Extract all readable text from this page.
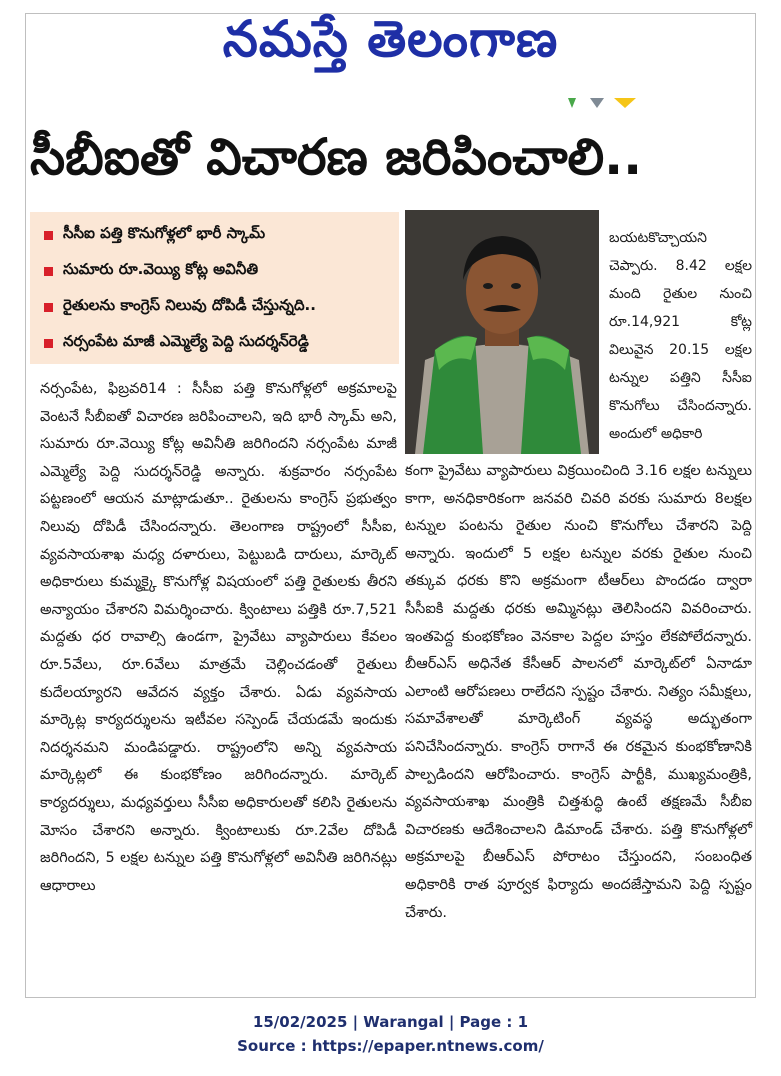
నమస్తే తెలంగాణ
సీబీఐతో విచారణ జరిపించాలి..
సీసీఐ పత్తి కొనుగోళ్లలో భారీ స్కామ్
సుమారు రూ.వెయ్యి కోట్ల అవినీతి
రైతులను కాంగ్రెస్ నిలువు దోపిడీ చేస్తున్నది..
నర్సంపేట మాజీ ఎమ్మెల్యే పెద్ది సుదర్శన్‌రెడ్డి

నర్సంపేట, ఫిబ్రవరి14 : సీసీఐ పత్తి కొనుగోళ్లలో అక్రమాలపై వెంటనే సీబీఐతో విచారణ జరిపించాలని, ఇది భారీ స్కామ్ అని, సుమారు రూ.వెయ్యి కోట్ల అవినీతి జరిగిందని నర్సంపేట మాజీ ఎమ్మెల్యే పెద్ది సుదర్శన్‌రెడ్డి అన్నారు. శుక్రవారం నర్సంపేట పట్టణంలో ఆయన మాట్లాడుతూ.. రైతులను కాంగ్రెస్ ప్రభుత్వం నిలువు దోపిడీ చేసిందన్నారు. తెలంగాణ రాష్ట్రంలో సీసీఐ, వ్యవసాయశాఖ మధ్య దళారులు, పెట్టుబడి దారులు, మార్కెట్ అధికారులు కుమ్మక్కై కొనుగోళ్ల విషయంలో పత్తి రైతులకు తీరని అన్యాయం చేశారని విమర్శించారు. క్వింటాలు పత్తికి రూ.7,521 మద్దతు ధర రావాల్సి ఉండగా, ప్రైవేటు వ్యాపారులు కేవలం రూ.5వేలు, రూ.6వేలు మాత్రమే చెల్లించడంతో రైతులు కుదేలయ్యారని ఆవేదన వ్యక్తం చేశారు. ఏడు వ్యవసాయ మార్కెట్ల కార్యదర్శులను ఇటీవల సస్పెండ్ చేయడమే ఇందుకు నిదర్శనమని మండిపడ్డారు. రాష్ట్రంలోని అన్ని వ్యవసాయ మార్కెట్లలో ఈ కుంభకోణం జరిగిందన్నారు. మార్కెట్ కార్యదర్శులు, మధ్యవర్తులు సీసీఐ అధికారులతో కలిసి రైతులను మోసం చేశారని అన్నారు. క్వింటాలుకు రూ.2వేల దోపిడీ జరిగిందని, 5 లక్షల టన్నుల పత్తి కొనుగోళ్లలో అవినీతి జరిగినట్లు ఆధారాలు

బయటకొచ్చాయని చెప్పారు. 8.42 లక్షల మంది రైతుల నుంచి రూ.14,921 కోట్ల విలువైన 20.15 లక్షల టన్నుల పత్తిని సీసీఐ కొనుగోలు చేసిందన్నారు. అందులో అధికారి

కంగా ప్రైవేటు వ్యాపారులు విక్రయించింది 3.16 లక్షల టన్నులు కాగా, అనధికారికంగా జనవరి చివరి వరకు సుమారు 8లక్షల టన్నుల పంటను రైతుల నుంచి కొనుగోలు చేశారని పెద్ది అన్నారు. ఇందులో 5 లక్షల టన్నుల వరకు రైతుల నుంచి తక్కువ ధరకు కొని అక్రమంగా టీఆర్‌లు పొందడం ద్వారా సీసీఐకి మద్దతు ధరకు అమ్మినట్లు తెలిసిందని వివరించారు. ఇంతపెద్ద కుంభకోణం వెనకాల పెద్దల హస్తం లేకపోలేదన్నారు. బీఆర్‌ఎస్ అధినేత కేసీఆర్ పాలనలో మార్కెట్‌లో ఏనాడూ ఎలాంటి ఆరోపణలు రాలేదని స్పష్టం చేశారు. నిత్యం సమీక్షలు, సమావేశాలతో మార్కెటింగ్ వ్యవస్థ అద్భుతంగా పనిచేసిందన్నారు. కాంగ్రెస్ రాగానే ఈ రకమైన కుంభకోణానికి పాల్పడిందని ఆరోపించారు. కాంగ్రెస్ పార్టీకి, ముఖ్యమంత్రికి, వ్యవసాయశాఖ మంత్రికి చిత్తశుద్ధి ఉంటే తక్షణమే సీబీఐ విచారణకు ఆదేశించాలని డిమాండ్ చేశారు. పత్తి కొనుగోళ్లలో అక్రమాలపై బీఆర్‌ఎస్ పోరాటం చేస్తుందని, సంబంధిత అధికారికి రాత పూర్వక ఫిర్యాదు అందజేస్తామని పెద్ది స్పష్టం చేశారు.

15/02/2025 | Warangal | Page : 1
Source : https://epaper.ntnews.com/
